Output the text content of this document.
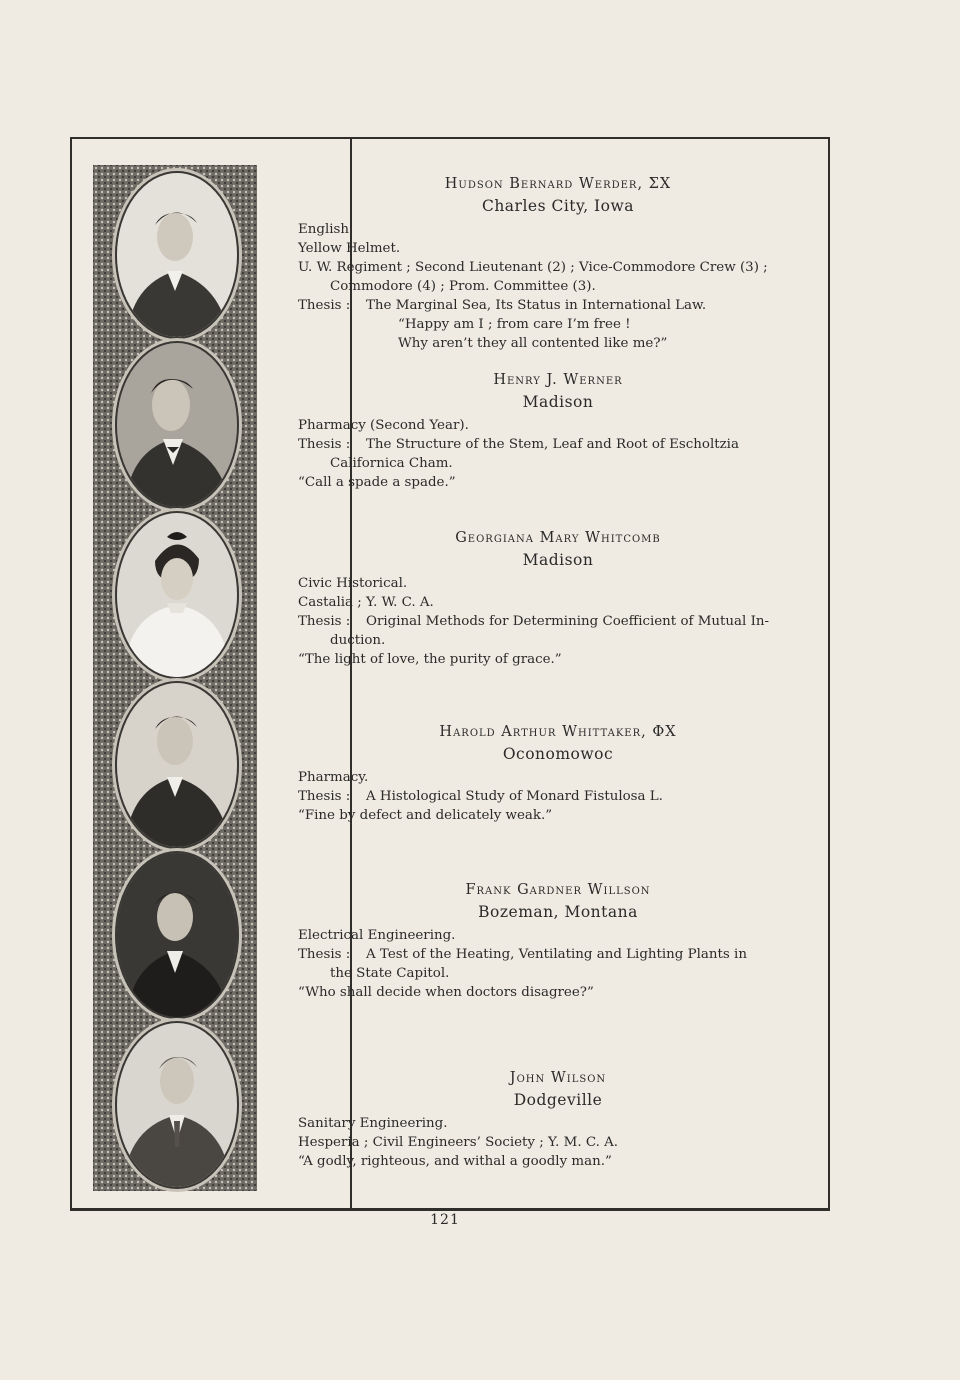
Hudson Bernard Werder, ΣX
Charles City, Iowa
English.
Yellow Helmet.
U. W. Regiment ; Second Lieutenant (2) ; Vice-Commodore Crew (3) ;
Commodore (4) ; Prom. Committee (3).
Thesis :	The Marginal Sea, Its Status in International Law.
“Happy am I ; from care I’m free !
Why aren’t they all contented like me?”
Henry J. Werner
Madison
Pharmacy (Second Year).
Thesis :	The Structure of the Stem, Leaf and Root of Escholtzia
Californica Cham.
“Call a spade a spade.”
Georgiana Mary Whitcomb
Madison
Civic Historical.
Castalia ; Y. W. C. A.
Thesis :	Original Methods for Determining Coefficient of Mutual In-
duction.
“The light of love, the purity of grace.”
Harold Arthur Whittaker, ΦX
Oconomowoc
Pharmacy.
Thesis :	A Histological Study of Monard Fistulosa L.
“Fine by defect and delicately weak.”
Frank Gardner Willson
Bozeman, Montana
Electrical Engineering.
Thesis :	A Test of the Heating, Ventilating and Lighting Plants in
the State Capitol.
“Who shall decide when doctors disagree?”
John Wilson
Dodgeville
Sanitary Engineering.
Hesperia ; Civil Engineers’ Society ; Y. M. C. A.
“A godly, righteous, and withal a goodly man.”
121
